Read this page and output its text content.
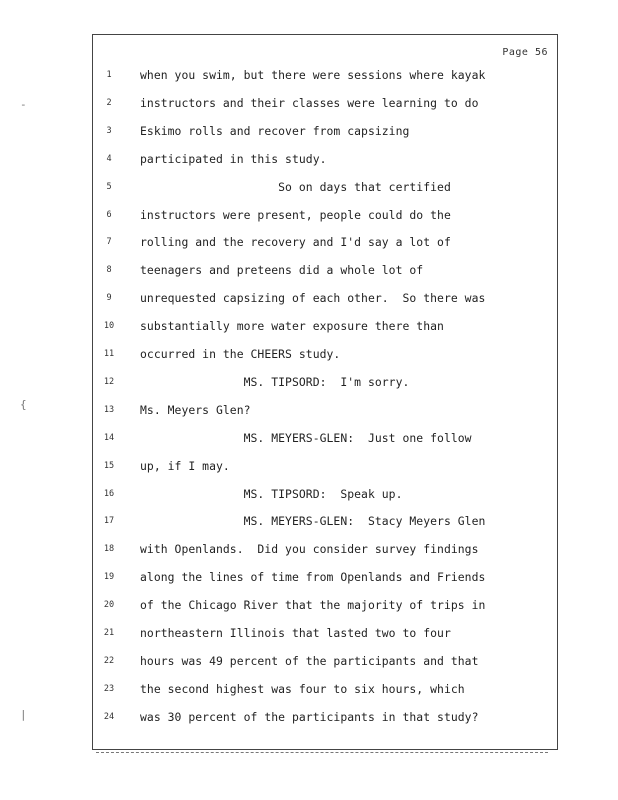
Page 56
1	when you swim, but there were sessions where kayak
2	instructors and their classes were learning to do
3	Eskimo rolls and recover from capsizing
4	participated in this study.
5	So on days that certified
6	instructors were present, people could do the
7	rolling and the recovery and I'd say a lot of
8	teenagers and preteens did a whole lot of
9	unrequested capsizing of each other.  So there was
10	substantially more water exposure there than
11	occurred in the CHEERS study.
12	MS. TIPSORD:  I'm sorry.
13	Ms. Meyers Glen?
14	MS. MEYERS-GLEN:  Just one follow
15	up, if I may.
16	MS. TIPSORD:  Speak up.
17	MS. MEYERS-GLEN:  Stacy Meyers Glen
18	with Openlands.  Did you consider survey findings
19	along the lines of time from Openlands and Friends
20	of the Chicago River that the majority of trips in
21	northeastern Illinois that lasted two to four
22	hours was 49 percent of the participants and that
23	the second highest was four to six hours, which
24	was 30 percent of the participants in that study?
-
{
|
